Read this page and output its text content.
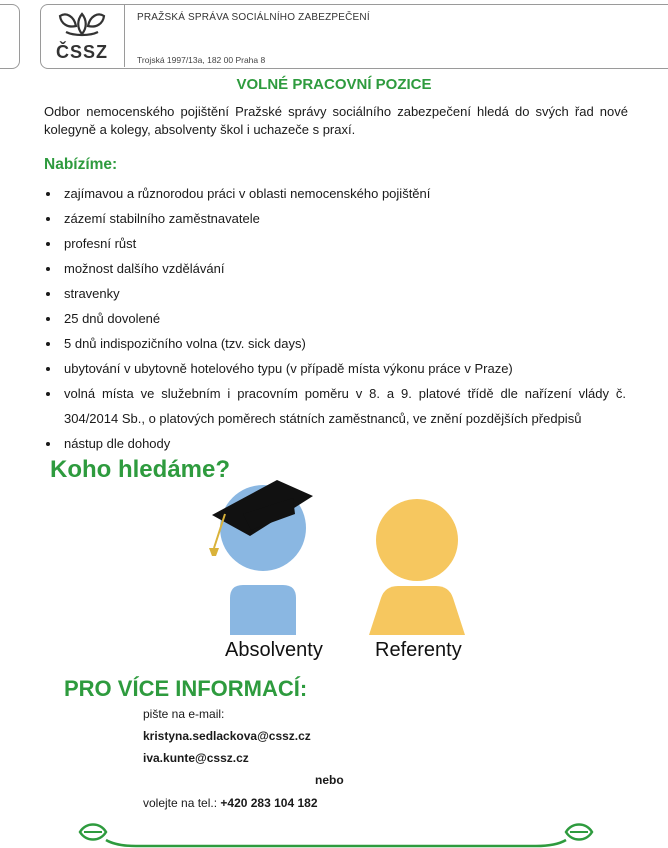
ČSSZ
PRAŽSKÁ SPRÁVA SOCIÁLNÍHO ZABEZPEČENÍ
Trojská 1997/13a, 182 00 Praha 8
VOLNÉ PRACOVNÍ POZICE
Odbor nemocenského pojištění Pražské správy sociálního zabezpečení hledá do svých řad nové kolegyně a kolegy, absolventy škol i uchazeče s praxí.
Nabízíme:
zajímavou a různorodou práci v oblasti nemocenského pojištění
zázemí stabilního zaměstnavatele
profesní růst
možnost dalšího vzdělávání
stravenky
25 dnů dovolené
5 dnů indispozičního volna (tzv. sick days)
ubytování v ubytovně hotelového typu (v případě místa výkonu práce v Praze)
volná místa ve služebním i pracovním poměru v 8. a 9. platové třídě dle nařízení vlády č. 304/2014 Sb., o platových poměrech státních zaměstnanců, ve znění pozdějších předpisů
nástup dle dohody
Koho hledáme?
Absolventy	Referenty
PRO VÍCE INFORMACÍ:
pište na e-mail:
kristyna.sedlackova@cssz.cz
iva.kunte@cssz.cz
nebo
volejte na tel.: +420 283 104 182
